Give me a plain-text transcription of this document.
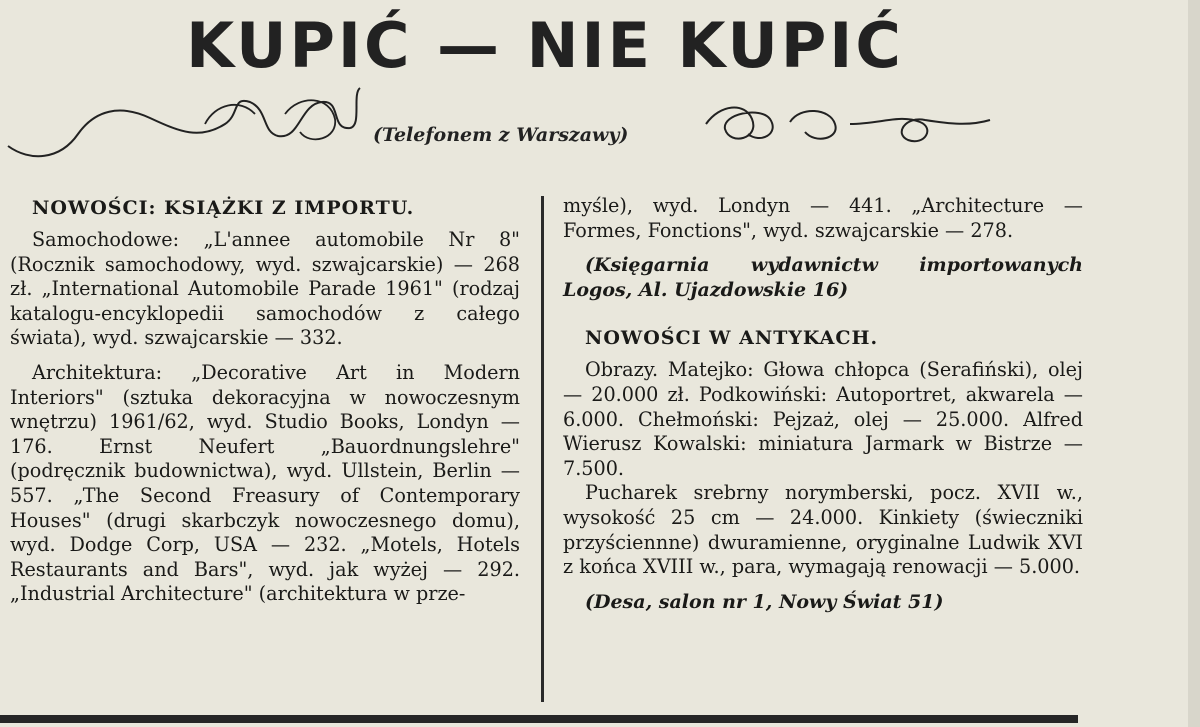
KUPIĆ — NIE KUPIĆ
(Telefonem z Warszawy)
NOWOŚCI: KSIĄŻKI Z IMPORTU.

Samochodowe: „L'annee automobile Nr 8" (Rocznik samochodowy, wyd. szwajcarskie) — 268 zł. „International Automobile Parade 1961" (rodzaj katalogu-encyklopedii samochodów z całego świata), wyd. szwajcarskie — 332.

Architektura: „Decorative Art in Modern Interiors" (sztuka dekoracyjna w nowoczesnym wnętrzu) 1961/62, wyd. Studio Books, Londyn — 176. Ernst Neufert „Bauordnungslehre" (podręcznik budownictwa), wyd. Ullstein, Berlin — 557. „The Second Freasury of Contemporary Houses" (drugi skarbczyk nowoczesnego domu), wyd. Dodge Corp, USA — 232. „Motels, Hotels Restaurants and Bars", wyd. jak wyżej — 292. „Industrial Architecture" (architektura w prze-

myśle), wyd. Londyn — 441. „Architecture — Formes, Fonctions", wyd. szwajcarskie — 278.

(Księgarnia wydawnictw importowanych Logos, Al. Ujazdowskie 16)

NOWOŚCI W ANTYKACH.

Obrazy. Matejko: Głowa chłopca (Serafiński), olej — 20.000 zł. Podkowiński: Autoportret, akwarela — 6.000. Chełmoński: Pejzaż, olej — 25.000. Alfred Wierusz Kowalski: miniatura Jarmark w Bistrze — 7.500.

Pucharek srebrny norymberski, pocz. XVII w., wysokość 25 cm — 24.000. Kinkiety (świeczniki przyściennne) dwuramienne, oryginalne Ludwik XVI z końca XVIII w., para, wymagają renowacji — 5.000.

(Desa, salon nr 1, Nowy Świat 51)
